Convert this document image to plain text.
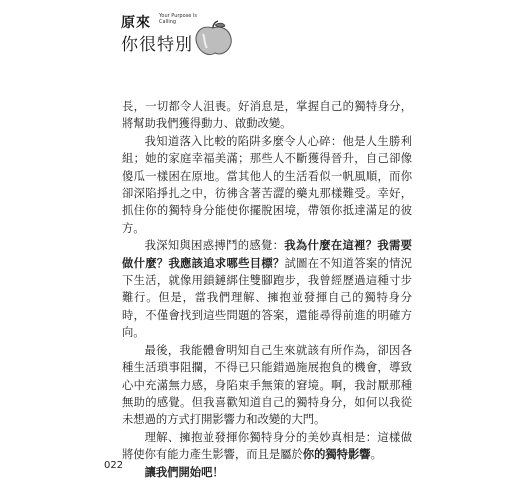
原來 Your Purpose Is Calling
你很特別

長，一切都令人沮喪。好消息是，掌握自己的獨特身分，將幫助我們獲得動力、啟動改變。

我知道落入比較的陷阱多麼令人心碎：他是人生勝利組；她的家庭幸福美滿；那些人不斷獲得晉升，自己卻像傻瓜一樣困在原地。當其他人的生活看似一帆風順，而你卻深陷掙扎之中，彷彿含著苦澀的藥丸那樣難受。幸好，抓住你的獨特身分能使你擺脫困境，帶領你抵達滿足的彼方。

我深知與困惑搏鬥的感覺：我為什麼在這裡？我需要做什麼？我應該追求哪些目標？試圖在不知道答案的情況下生活，就像用鎖鏈綁住雙腳跑步，我曾經歷過這種寸步難行。但是，當我們理解、擁抱並發揮自己的獨特身分時，不僅會找到這些問題的答案，還能尋得前進的明確方向。

最後，我能體會明知自己生來就該有所作為，卻因各種生活瑣事阻攔，不得已只能錯過施展抱負的機會，導致心中充滿無力感，身陷束手無策的窘境。啊，我討厭那種無助的感覺。但我喜歡知道自己的獨特身分，如何以我從未想過的方式打開影響力和改變的大門。

理解、擁抱並發揮你獨特身分的美妙真相是：這樣做將使你有能力產生影響，而且是屬於你的獨特影響。

讓我們開始吧！

022
